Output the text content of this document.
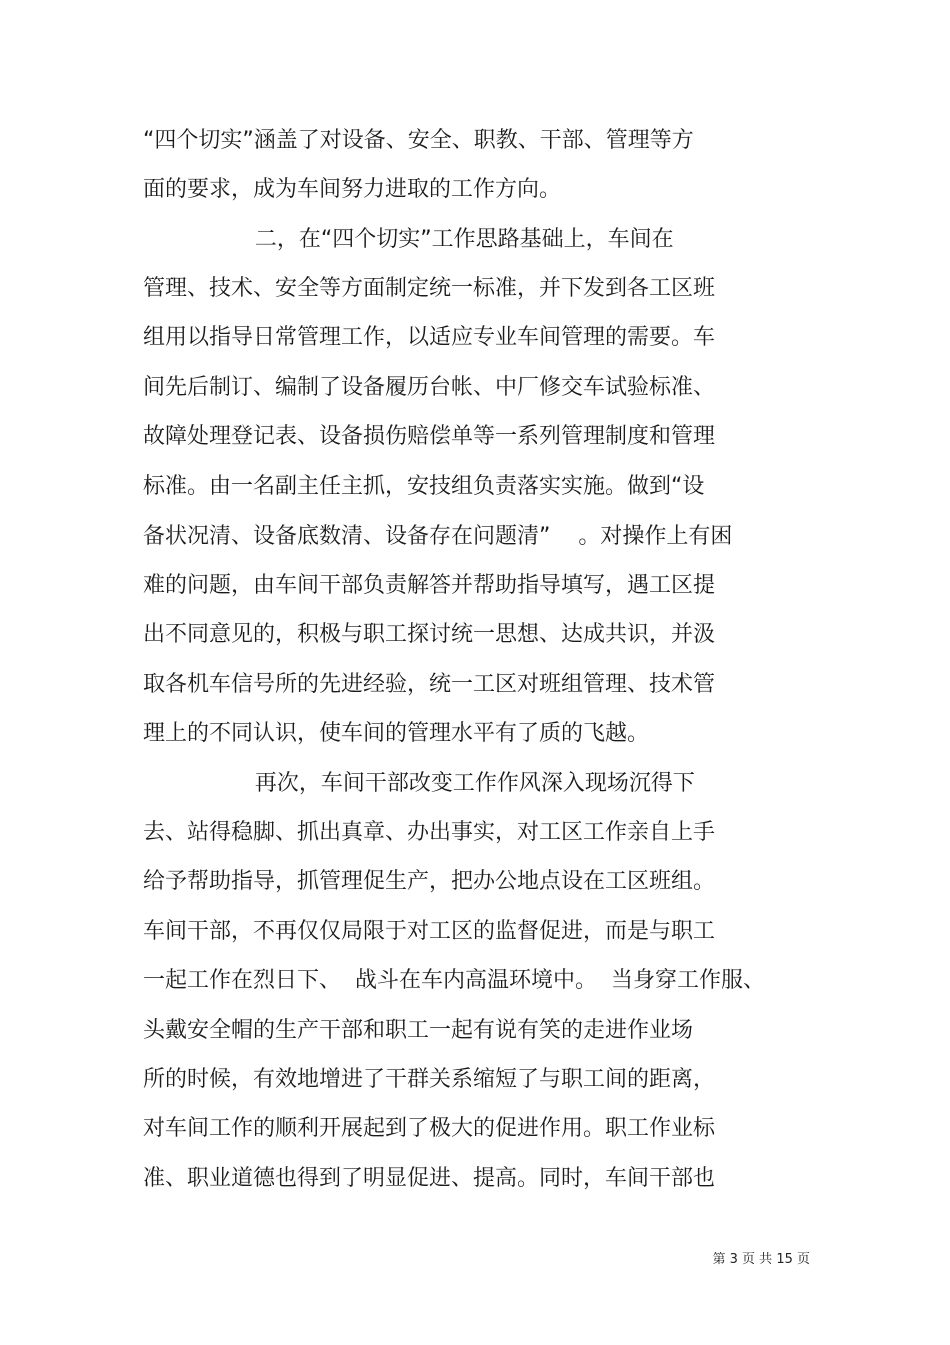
“四个切实”涵盖了对设备、安全、职教、干部、管理等方
面的要求，成为车间努力进取的工作方向。
二，在“四个切实”工作思路基础上，车间在
管理、技术、安全等方面制定统一标准，并下发到各工区班
组用以指导日常管理工作，以适应专业车间管理的需要。车
间先后制订、编制了设备履历台帐、中厂修交车试验标准、
故障处理登记表、设备损伤赔偿单等一系列管理制度和管理
标准。由一名副主任主抓，安技组负责落实实施。做到“设
备状况清、设备底数清、设备存在问题清”    。对操作上有困
难的问题，由车间干部负责解答并帮助指导填写，遇工区提
出不同意见的，积极与职工探讨统一思想、达成共识，并汲
取各机车信号所的先进经验，统一工区对班组管理、技术管
理上的不同认识，使车间的管理水平有了质的飞越。
再次，车间干部改变工作作风深入现场沉得下
去、站得稳脚、抓出真章、办出事实，对工区工作亲自上手
给予帮助指导，抓管理促生产，把办公地点设在工区班组。
车间干部，不再仅仅局限于对工区的监督促进，而是与职工
一起工作在烈日下、  战斗在车内高温环境中。  当身穿工作服、
头戴安全帽的生产干部和职工一起有说有笑的走进作业场
所的时候，有效地增进了干群关系缩短了与职工间的距离，
对车间工作的顺利开展起到了极大的促进作用。职工作业标
准、职业道德也得到了明显促进、提高。同时，车间干部也
第 3 页 共 15 页
